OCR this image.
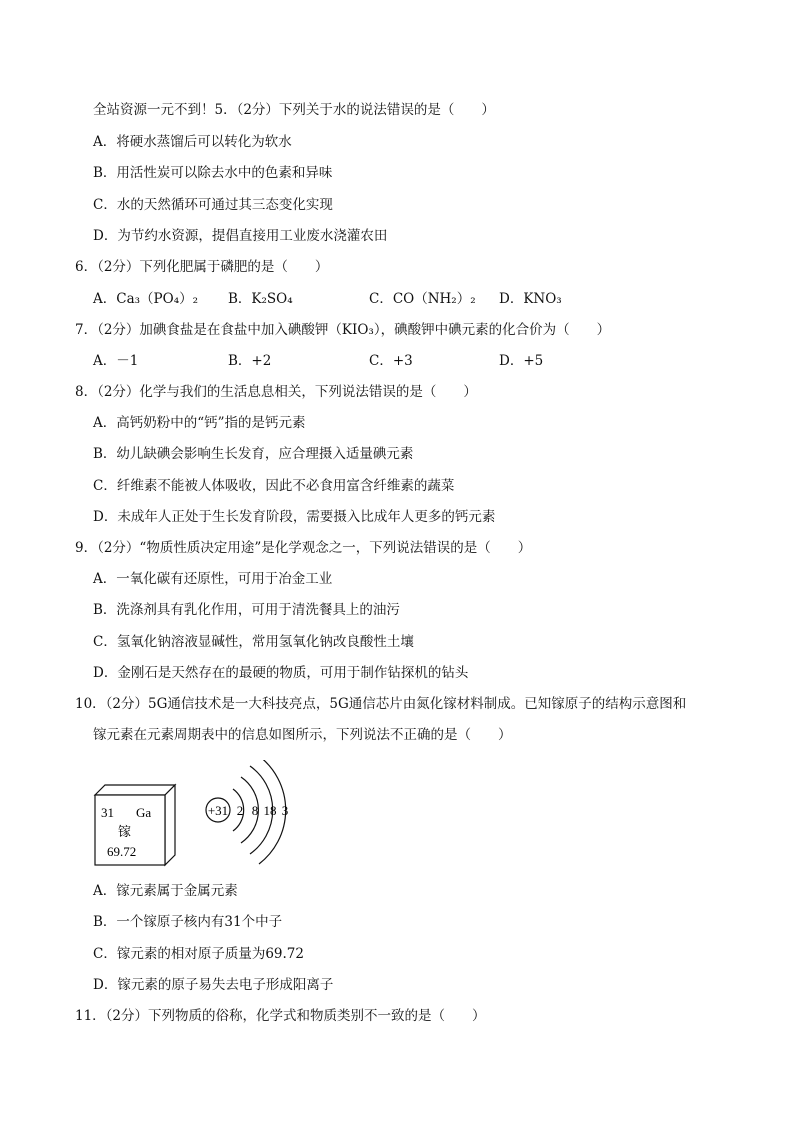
全站资源一元不到！5．（2分）下列关于水的说法错误的是（　　）
A．将硬水蒸馏后可以转化为软水
B．用活性炭可以除去水中的色素和异味
C．水的天然循环可通过其三态变化实现
D．为节约水资源，提倡直接用工业废水浇灌农田
6．（2分）下列化肥属于磷肥的是（　　）
A．Ca₃（PO₄）₂ B．K₂SO₄	C．CO（NH₂）₂ D．KNO₃
7．（2分）加碘食盐是在食盐中加入碘酸钾（KIO₃），碘酸钾中碘元素的化合价为（　　）
A．－1	B．+2	C．+3	D．+5
8．（2分）化学与我们的生活息息相关，下列说法错误的是（　　）
A．高钙奶粉中的“钙”指的是钙元素
B．幼儿缺碘会影响生长发育，应合理摄入适量碘元素
C．纤维素不能被人体吸收，因此不必食用富含纤维素的蔬菜
D．未成年人正处于生长发育阶段，需要摄入比成年人更多的钙元素
9．（2分）“物质性质决定用途”是化学观念之一，下列说法错误的是（　　）
A．一氧化碳有还原性，可用于冶金工业
B．洗涤剂具有乳化作用，可用于清洗餐具上的油污
C．氢氧化钠溶液显碱性，常用氢氧化钠改良酸性土壤
D．金刚石是天然存在的最硬的物质，可用于制作钻探机的钻头
10．（2分）5G通信技术是一大科技亮点，5G通信芯片由氮化镓材料制成。已知镓原子的结构示意图和
镓元素在元素周期表中的信息如图所示，下列说法不正确的是（　　）
31 Ga
镓
69.72
+31 2 8 18 3
A．镓元素属于金属元素
B．一个镓原子核内有31个中子
C．镓元素的相对原子质量为69.72
D．镓元素的原子易失去电子形成阳离子
11．（2分）下列物质的俗称，化学式和物质类别不一致的是（　　）
